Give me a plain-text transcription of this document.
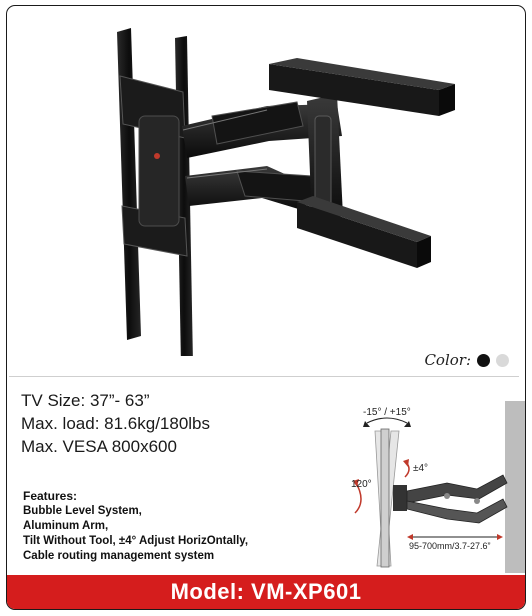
Color:
TV Size: 37”- 63”
Max. load: 81.6kg/180lbs
Max. VESA 800x600
Features:
Bubble Level System,
Aluminum Arm,
Tilt Without Tool, ±4° Adjust HorizOntally,
Cable routing management system
-15° / +15°
120°
±4°
95-700mm/3.7-27.6”
Model: VM-XP601
